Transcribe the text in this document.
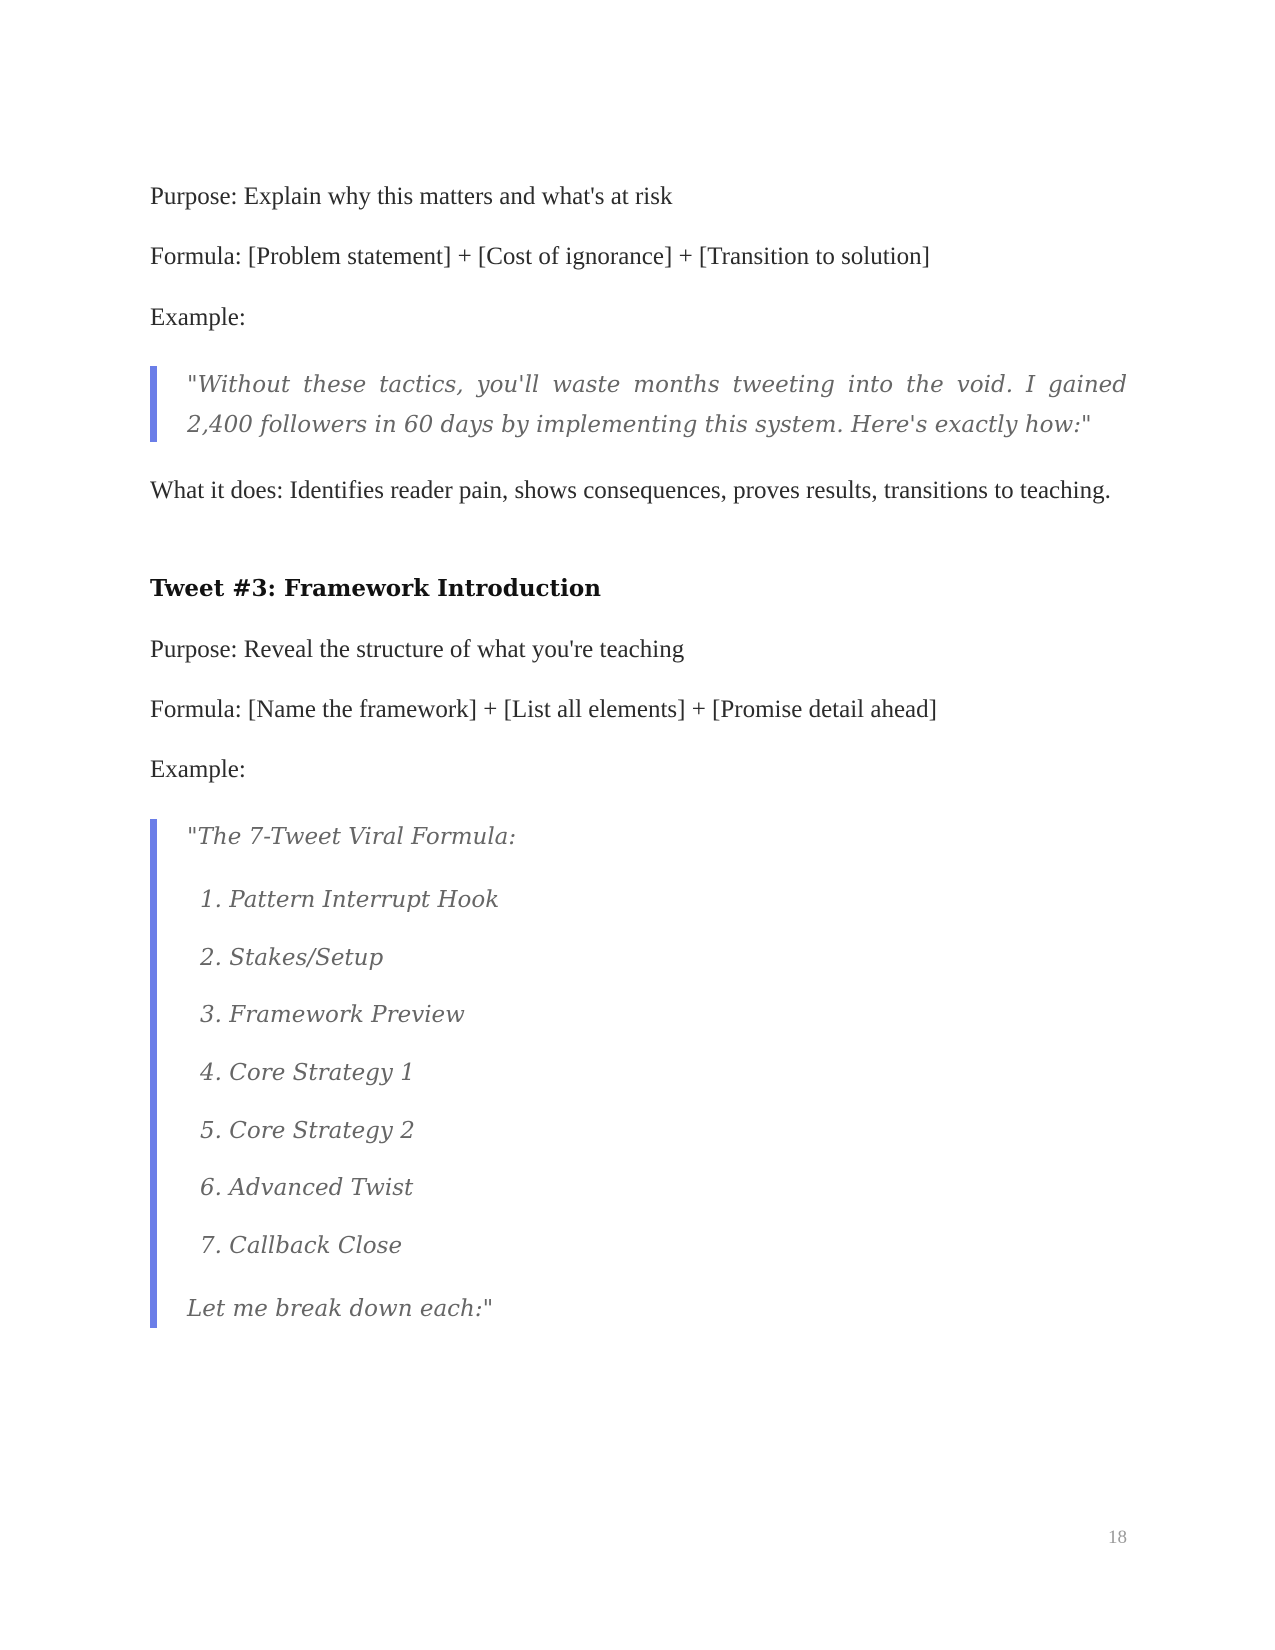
Purpose: Explain why this matters and what's at risk

Formula: [Problem statement] + [Cost of ignorance] + [Transition to solution]

Example:

"Without these tactics, you'll waste months tweeting into the void. I gained 2,400 followers in 60 days by implementing this system. Here's exactly how:"

What it does: Identifies reader pain, shows consequences, proves results, transitions to teaching.

Tweet #3: Framework Introduction

Purpose: Reveal the structure of what you're teaching

Formula: [Name the framework] + [List all elements] + [Promise detail ahead]

Example:

"The 7-Tweet Viral Formula:

1. Pattern Interrupt Hook

2. Stakes/Setup

3. Framework Preview

4. Core Strategy 1

5. Core Strategy 2

6. Advanced Twist

7. Callback Close

Let me break down each:"

18
